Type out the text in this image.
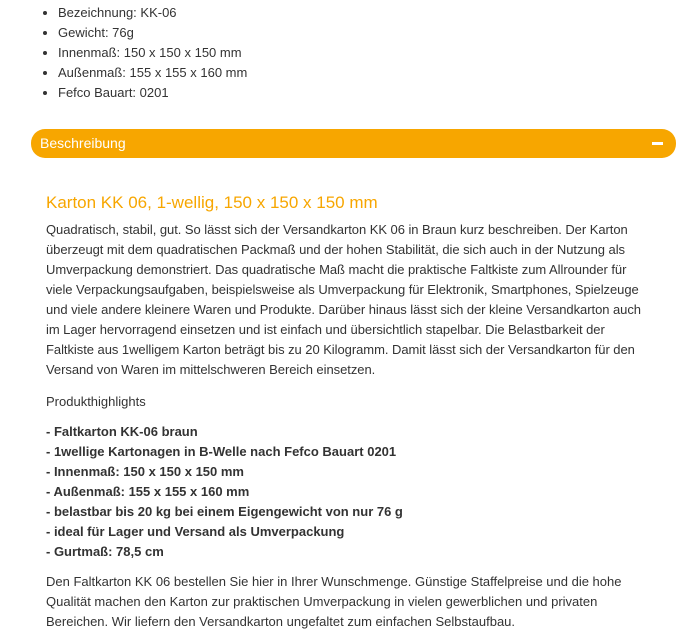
• Bezeichnung: KK-06
• Gewicht: 76g
• Innenmaß: 150 x 150 x 150 mm
• Außenmaß: 155 x 155 x 160 mm
• Fefco Bauart: 0201
Beschreibung
Karton KK 06, 1-wellig, 150 x 150 x 150 mm

Quadratisch, stabil, gut. So lässt sich der Versandkarton KK 06 in Braun kurz beschreiben. Der Karton überzeugt mit dem quadratischen Packmaß und der hohen Stabilität, die sich auch in der Nutzung als Umverpackung demonstriert. Das quadratische Maß macht die praktische Faltkiste zum Allrounder für viele Verpackungsaufgaben, beispielsweise als Umverpackung für Elektronik, Smartphones, Spielzeuge und viele andere kleinere Waren und Produkte. Darüber hinaus lässt sich der kleine Versandkarton auch im Lager hervorragend einsetzen und ist einfach und übersichtlich stapelbar. Die Belastbarkeit der Faltkiste aus 1welligem Karton beträgt bis zu 20 Kilogramm. Damit lässt sich der Versandkarton für den Versand von Waren im mittelschweren Bereich einsetzen.

Produkthighlights

- Faltkarton KK-06 braun
- 1wellige Kartonagen in B-Welle nach Fefco Bauart 0201
- Innenmaß: 150 x 150 x 150 mm
- Außenmaß: 155 x 155 x 160 mm
- belastbar bis 20 kg bei einem Eigengewicht von nur 76 g
- ideal für Lager und Versand als Umverpackung
- Gurtmaß: 78,5 cm

Den Faltkarton KK 06 bestellen Sie hier in Ihrer Wunschmenge. Günstige Staffelpreise und die hohe Qualität machen den Karton zur praktischen Umverpackung in vielen gewerblichen und privaten Bereichen. Wir liefern den Versandkarton ungefaltet zum einfachen Selbstaufbau.
